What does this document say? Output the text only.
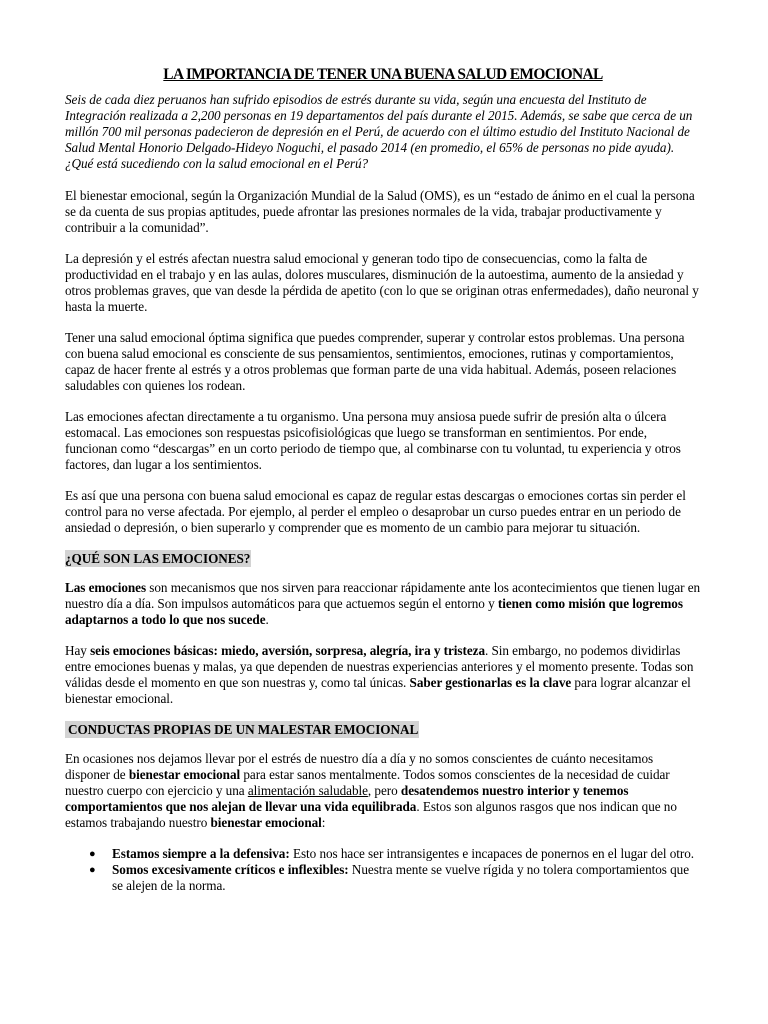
LA IMPORTANCIA DE TENER UNA BUENA SALUD EMOCIONAL

Seis de cada diez peruanos han sufrido episodios de estrés durante su vida, según una encuesta del Instituto de Integración realizada a 2,200 personas en 19 departamentos del país durante el 2015. Además, se sabe que cerca de un millón 700 mil personas padecieron de depresión en el Perú, de acuerdo con el último estudio del Instituto Nacional de Salud Mental Honorio Delgado-Hideyo Noguchi, el pasado 2014 (en promedio, el 65% de personas no pide ayuda). ¿Qué está sucediendo con la salud emocional en el Perú?

El bienestar emocional, según la Organización Mundial de la Salud (OMS), es un “estado de ánimo en el cual la persona se da cuenta de sus propias aptitudes, puede afrontar las presiones normales de la vida, trabajar productivamente y contribuir a la comunidad”.

La depresión y el estrés afectan nuestra salud emocional y generan todo tipo de consecuencias, como la falta de productividad en el trabajo y en las aulas, dolores musculares, disminución de la autoestima, aumento de la ansiedad y otros problemas graves, que van desde la pérdida de apetito (con lo que se originan otras enfermedades), daño neuronal y hasta la muerte.

Tener una salud emocional óptima significa que puedes comprender, superar y controlar estos problemas. Una persona con buena salud emocional es consciente de sus pensamientos, sentimientos, emociones, rutinas y comportamientos, capaz de hacer frente al estrés y a otros problemas que forman parte de una vida habitual. Además, poseen relaciones saludables con quienes los rodean.

Las emociones afectan directamente a tu organismo. Una persona muy ansiosa puede sufrir de presión alta o úlcera estomacal. Las emociones son respuestas psicofisiológicas que luego se transforman en sentimientos. Por ende, funcionan como “descargas” en un corto periodo de tiempo que, al combinarse con tu voluntad, tu experiencia y otros factores, dan lugar a los sentimientos.

Es así que una persona con buena salud emocional es capaz de regular estas descargas o emociones cortas sin perder el control para no verse afectada. Por ejemplo, al perder el empleo o desaprobar un curso puedes entrar en un periodo de ansiedad o depresión, o bien superarlo y comprender que es momento de un cambio para mejorar tu situación.

¿QUÉ SON LAS EMOCIONES?

Las emociones son mecanismos que nos sirven para reaccionar rápidamente ante los acontecimientos que tienen lugar en nuestro día a día. Son impulsos automáticos para que actuemos según el entorno y tienen como misión que logremos adaptarnos a todo lo que nos sucede.

Hay seis emociones básicas: miedo, aversión, sorpresa, alegría, ira y tristeza. Sin embargo, no podemos dividirlas entre emociones buenas y malas, ya que dependen de nuestras experiencias anteriores y el momento presente. Todas son válidas desde el momento en que son nuestras y, como tal únicas. Saber gestionarlas es la clave para lograr alcanzar el bienestar emocional.

CONDUCTAS PROPIAS DE UN MALESTAR EMOCIONAL

En ocasiones nos dejamos llevar por el estrés de nuestro día a día y no somos conscientes de cuánto necesitamos disponer de bienestar emocional para estar sanos mentalmente. Todos somos conscientes de la necesidad de cuidar nuestro cuerpo con ejercicio y una alimentación saludable, pero desatendemos nuestro interior y tenemos comportamientos que nos alejan de llevar una vida equilibrada. Estos son algunos rasgos que nos indican que no estamos trabajando nuestro bienestar emocional:

● Estamos siempre a la defensiva: Esto nos hace ser intransigentes e incapaces de ponernos en el lugar del otro.
● Somos excesivamente críticos e inflexibles: Nuestra mente se vuelve rígida y no tolera comportamientos que se alejen de la norma.
